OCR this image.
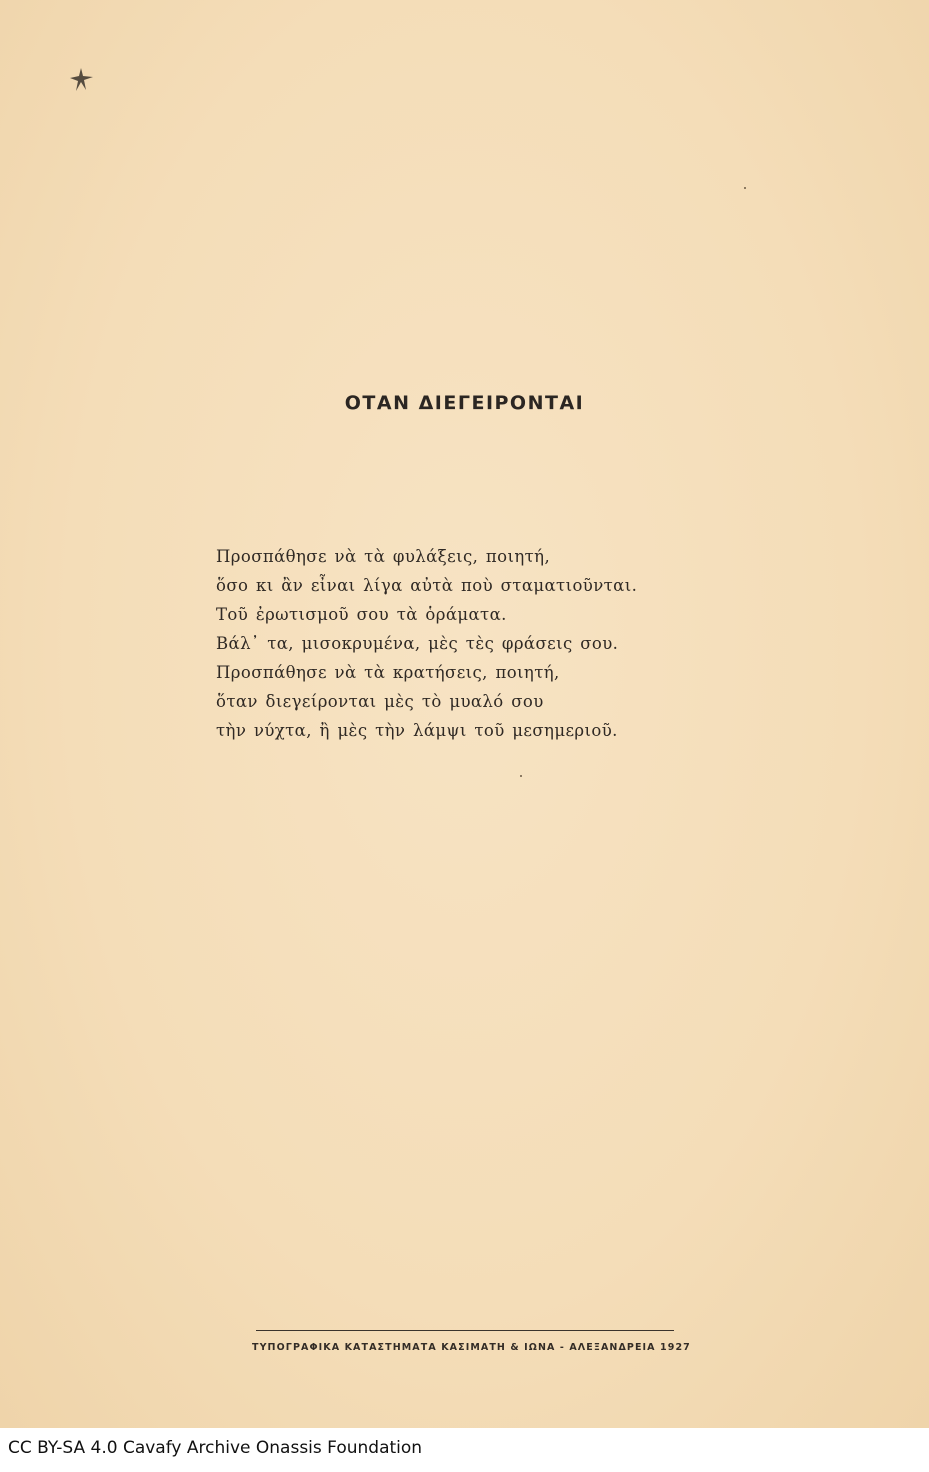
ΟΤΑΝ ΔΙΕΓΕΙΡΟΝΤΑΙ
Προσπάθησε νὰ τὰ φυλάξεις, ποιητή,
ὅσο κι ἂν εἶναι λίγα αὐτὰ ποὺ σταματιοῦνται.
Τοῦ ἐρωτισμοῦ σου τὰ ὁράματα.
Βάλ᾿ τα, μισοκρυμένα, μὲς τὲς φράσεις σου.
Προσπάθησε νὰ τὰ κρατήσεις, ποιητή,
ὅταν διεγείρονται μὲς τὸ μυαλό σου
τὴν νύχτα, ἢ μὲς τὴν λάμψι τοῦ μεσημεριοῦ.
ΤΥΠΟΓΡΑΦΙΚΑ ΚΑΤΑΣΤΗΜΑΤΑ ΚΑΣΙΜΑΤΗ & ΙΩΝΑ - ΑΛΕΞΑΝΔΡΕΙΑ 1927
CC BY-SA 4.0 Cavafy Archive Onassis Foundation
